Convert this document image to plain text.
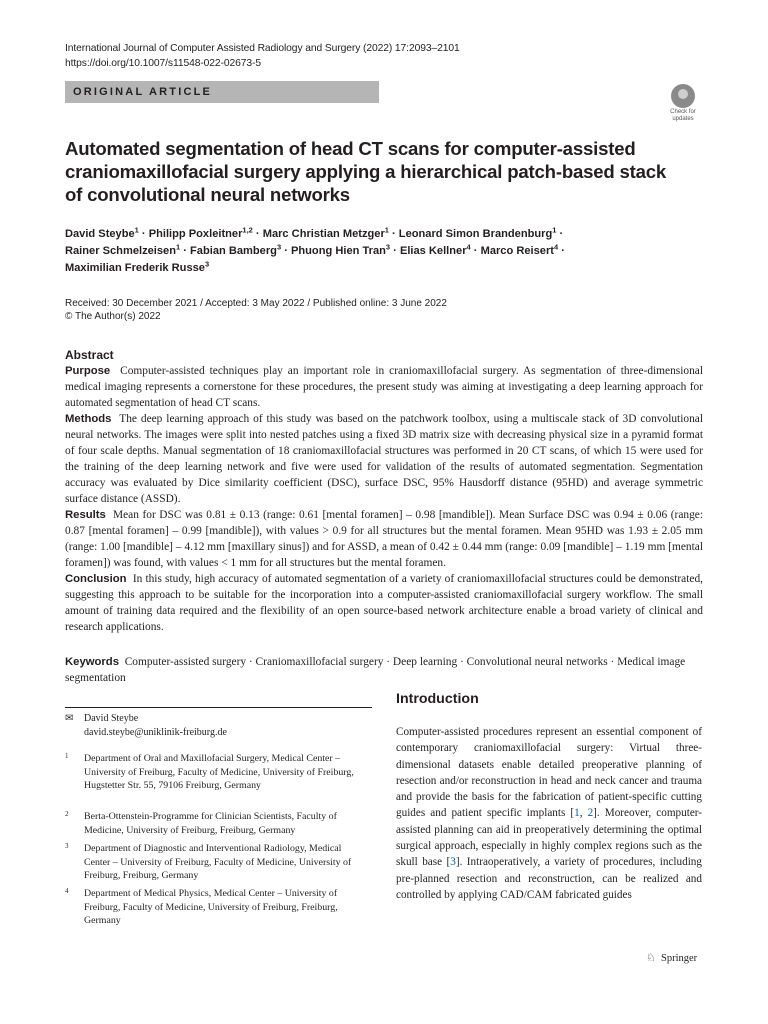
International Journal of Computer Assisted Radiology and Surgery (2022) 17:2093–2101
https://doi.org/10.1007/s11548-022-02673-5
ORIGINAL ARTICLE
Check for updates
Automated segmentation of head CT scans for computer-assisted craniomaxillofacial surgery applying a hierarchical patch-based stack of convolutional neural networks
David Steybe$^1$ · Philipp Poxleitner$^{1,2}$ · Marc Christian Metzger$^1$ · Leonard Simon Brandenburg$^1$ ·
Rainer Schmelzeisen$^1$ · Fabian Bamberg$^3$ · Phuong Hien Tran$^3$ · Elias Kellner$^4$ · Marco Reisert$^4$ ·
Maximilian Frederik Russe$^3$
Received: 30 December 2021 / Accepted: 3 May 2022 / Published online: 3 June 2022
© The Author(s) 2022
Abstract

Purpose Computer-assisted techniques play an important role in craniomaxillofacial surgery. As segmentation of three-dimensional medical imaging represents a cornerstone for these procedures, the present study was aiming at investigating a deep learning approach for automated segmentation of head CT scans.

Methods The deep learning approach of this study was based on the patchwork toolbox, using a multiscale stack of 3D convolutional neural networks. The images were split into nested patches using a fixed 3D matrix size with decreasing physical size in a pyramid format of four scale depths. Manual segmentation of 18 craniomaxillofacial structures was performed in 20 CT scans, of which 15 were used for the training of the deep learning network and five were used for validation of the results of automated segmentation. Segmentation accuracy was evaluated by Dice similarity coefficient (DSC), surface DSC, 95% Hausdorff distance (95HD) and average symmetric surface distance (ASSD).

Results Mean for DSC was 0.81 ± 0.13 (range: 0.61 [mental foramen] – 0.98 [mandible]). Mean Surface DSC was 0.94 ± 0.06 (range: 0.87 [mental foramen] – 0.99 [mandible]), with values > 0.9 for all structures but the mental foramen. Mean 95HD was 1.93 ± 2.05 mm (range: 1.00 [mandible] – 4.12 mm [maxillary sinus]) and for ASSD, a mean of 0.42 ± 0.44 mm (range: 0.09 [mandible] – 1.19 mm [mental foramen]) was found, with values < 1 mm for all structures but the mental foramen.

Conclusion In this study, high accuracy of automated segmentation of a variety of craniomaxillofacial structures could be demonstrated, suggesting this approach to be suitable for the incorporation into a computer-assisted craniomaxillofacial surgery workflow. The small amount of training data required and the flexibility of an open source-based network architecture enable a broad variety of clinical and research applications.

Keywords Computer-assisted surgery · Craniomaxillofacial surgery · Deep learning · Convolutional neural networks · Medical image segmentation
✉ David Steybe
david.steybe@uniklinik-freiburg.de
1 Department of Oral and Maxillofacial Surgery, Medical Center – University of Freiburg, Faculty of Medicine, University of Freiburg, Hugstetter Str. 55, 79106 Freiburg, Germany
2 Berta-Ottenstein-Programme for Clinician Scientists, Faculty of Medicine, University of Freiburg, Freiburg, Germany
3 Department of Diagnostic and Interventional Radiology, Medical Center – University of Freiburg, Faculty of Medicine, University of Freiburg, Freiburg, Germany
4 Department of Medical Physics, Medical Center – University of Freiburg, Faculty of Medicine, University of Freiburg, Freiburg, Germany
Introduction

Computer-assisted procedures represent an essential component of contemporary craniomaxillofacial surgery: Virtual three-dimensional datasets enable detailed preoperative planning of resection and/or reconstruction in head and neck cancer and trauma and provide the basis for the fabrication of patient-specific cutting guides and patient specific implants [1, 2]. Moreover, computer-assisted planning can aid in preoperatively determining the optimal surgical approach, especially in highly complex regions such as the skull base [3]. Intraoperatively, a variety of procedures, including pre-planned resection and reconstruction, can be realized and controlled by applying CAD/CAM fabricated guides

♘ Springer
